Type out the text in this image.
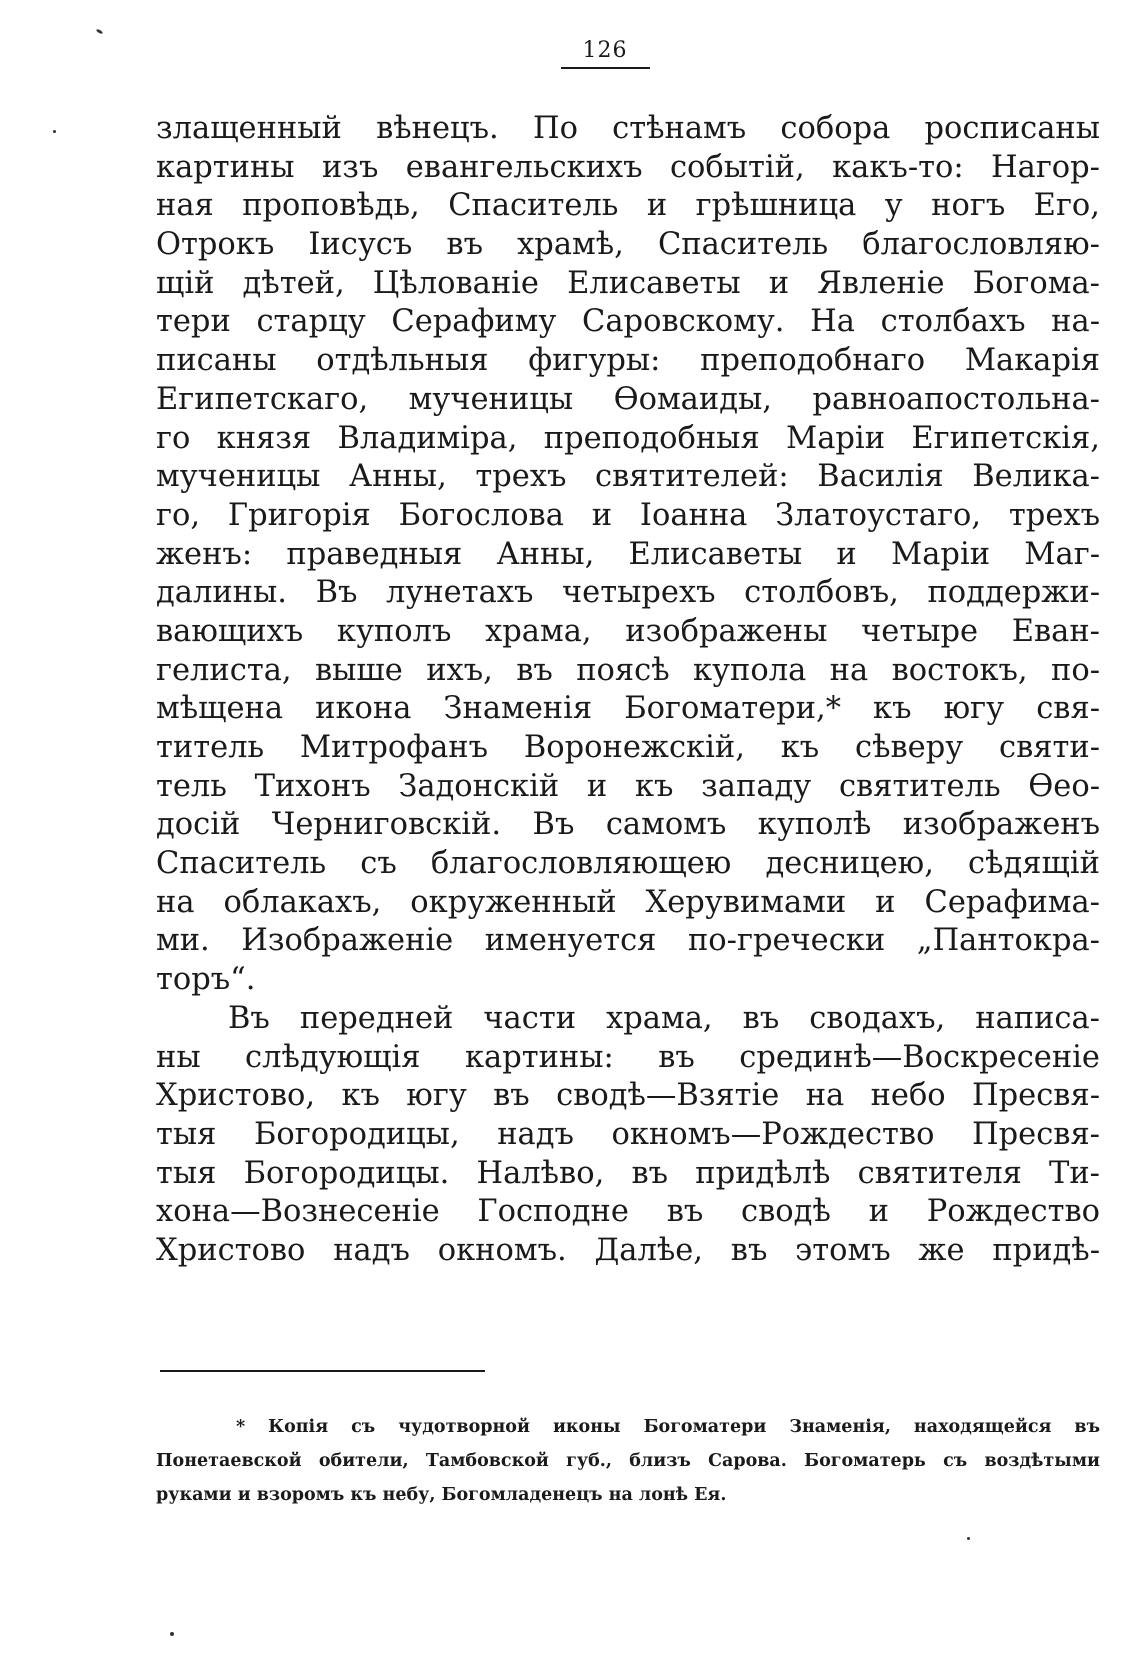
126
злащенный вѣнецъ. По стѣнамъ собора росписаны
картины изъ евангельскихъ событій, какъ-то: Нагор-
ная проповѣдь, Спаситель и грѣшница у ногъ Его,
Отрокъ Іисусъ въ храмѣ, Спаситель благословляю-
щій дѣтей, Цѣлованіе Елисаветы и Явленіе Богома-
тери старцу Серафиму Саровскому. На столбахъ на-
писаны отдѣльныя фигуры: преподобнаго Макарія
Египетскаго, мученицы Ѳомаиды, равноапостольна-
го князя Владиміра, преподобныя Маріи Египетскія,
мученицы Анны, трехъ святителей: Василія Велика-
го, Григорія Богослова и Іоанна Златоустаго, трехъ
женъ: праведныя Анны, Елисаветы и Маріи Маг-
далины. Въ лунетахъ четырехъ столбовъ, поддержи-
вающихъ куполъ храма, изображены четыре Еван-
гелиста, выше ихъ, въ поясѣ купола на востокъ, по-
мѣщена икона Знаменія Богоматери,* къ югу свя-
титель Митрофанъ Воронежскій, къ сѣверу святи-
тель Тихонъ Задонскій и къ западу святитель Ѳео-
досій Черниговскій. Въ самомъ куполѣ изображенъ
Спаситель съ благословляющею десницею, сѣдящій
на облакахъ, окруженный Херувимами и Серафима-
ми. Изображеніе именуется по-гречески „Пантокра-
торъ“.
Въ передней части храма, въ сводахъ, написа-
ны слѣдующія картины: въ срединѣ—Воскресеніе
Христово, къ югу въ сводѣ—Взятіе на небо Пресвя-
тыя Богородицы, надъ окномъ—Рождество Пресвя-
тыя Богородицы. Налѣво, въ придѣлѣ святителя Ти-
хона—Вознесеніе Господне въ сводѣ и Рождество
Христово надъ окномъ. Далѣе, въ этомъ же придѣ-
* Копія съ чудотворной иконы Богоматери Знаменія, находящейся въ
Понетаевской обители, Тамбовской губ., близъ Сарова. Богоматерь съ воздѣтыми
руками и взоромъ къ небу, Богомладенецъ на лонѣ Ея.
